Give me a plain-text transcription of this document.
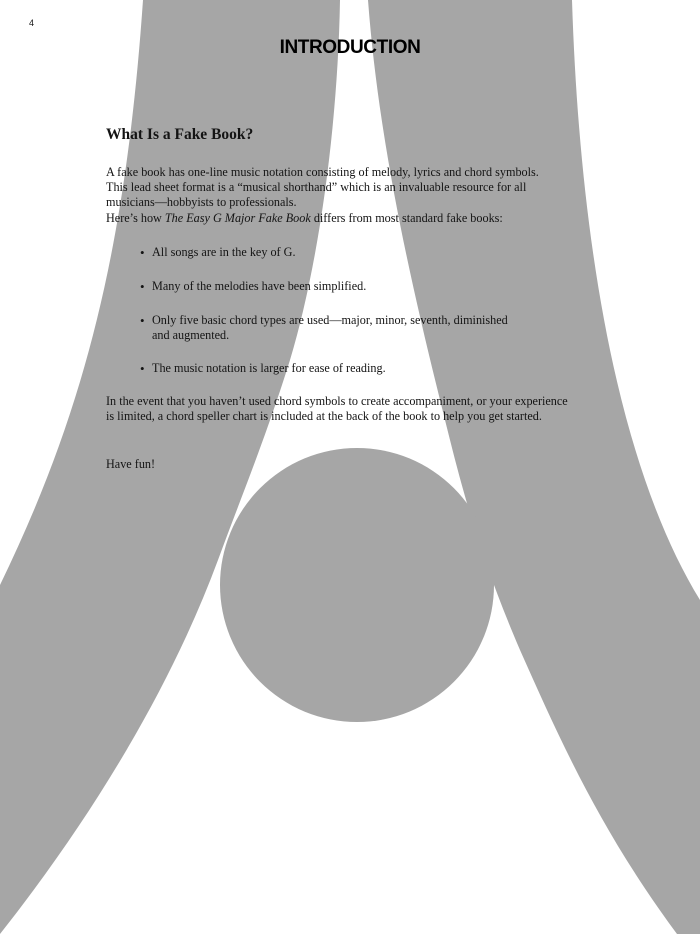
4
INTRODUCTION
What Is a Fake Book?

A fake book has one-line music notation consisting of melody, lyrics and chord symbols.
This lead sheet format is a “musical shorthand” which is an invaluable resource for all
musicians—hobbyists to professionals.

Here’s how The Easy G Major Fake Book differs from most standard fake books:

• All songs are in the key of G.
• Many of the melodies have been simplified.
• Only five basic chord types are used—major, minor, seventh, diminished and augmented.
• The music notation is larger for ease of reading.

In the event that you haven’t used chord symbols to create accompaniment, or your experience is limited, a chord speller chart is included at the back of the book to help you get started.

Have fun!
